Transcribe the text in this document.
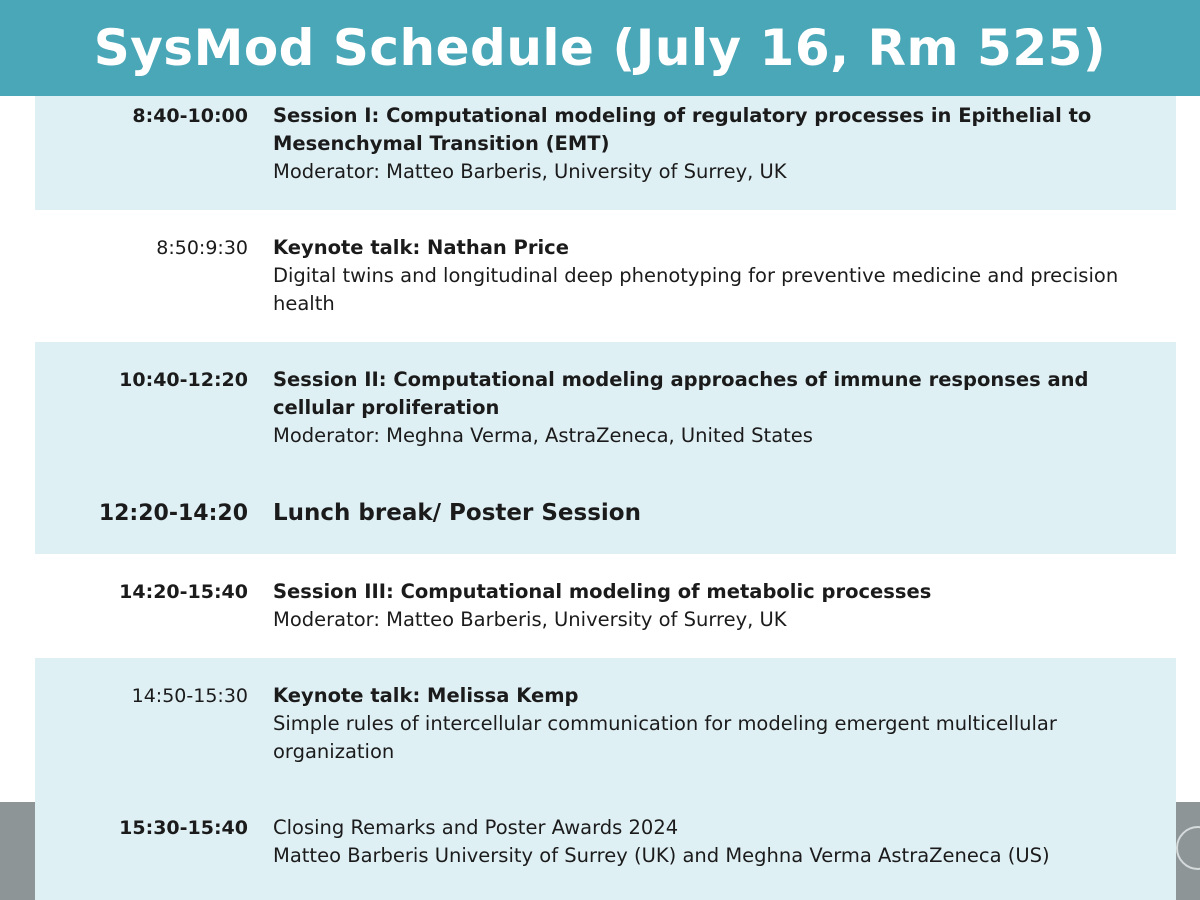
SysMod Schedule (July 16, Rm 525)
8:40-10:00 Session I: Computational modeling of regulatory processes in Epithelial to Mesenchymal Transition (EMT)
Moderator: Matteo Barberis, University of Surrey, UK
8:50:9:30 Keynote talk: Nathan Price
Digital twins and longitudinal deep phenotyping for preventive medicine and precision health
10:40-12:20 Session II: Computational modeling approaches of immune responses and cellular proliferation
Moderator: Meghna Verma, AstraZeneca, United States
12:20-14:20 Lunch break/ Poster Session
14:20-15:40 Session III: Computational modeling of metabolic processes
Moderator: Matteo Barberis, University of Surrey, UK
14:50-15:30 Keynote talk: Melissa Kemp
Simple rules of intercellular communication for modeling emergent multicellular organization
15:30-15:40 Closing Remarks and Poster Awards 2024
Matteo Barberis University of Surrey (UK) and Meghna Verma AstraZeneca (US)
